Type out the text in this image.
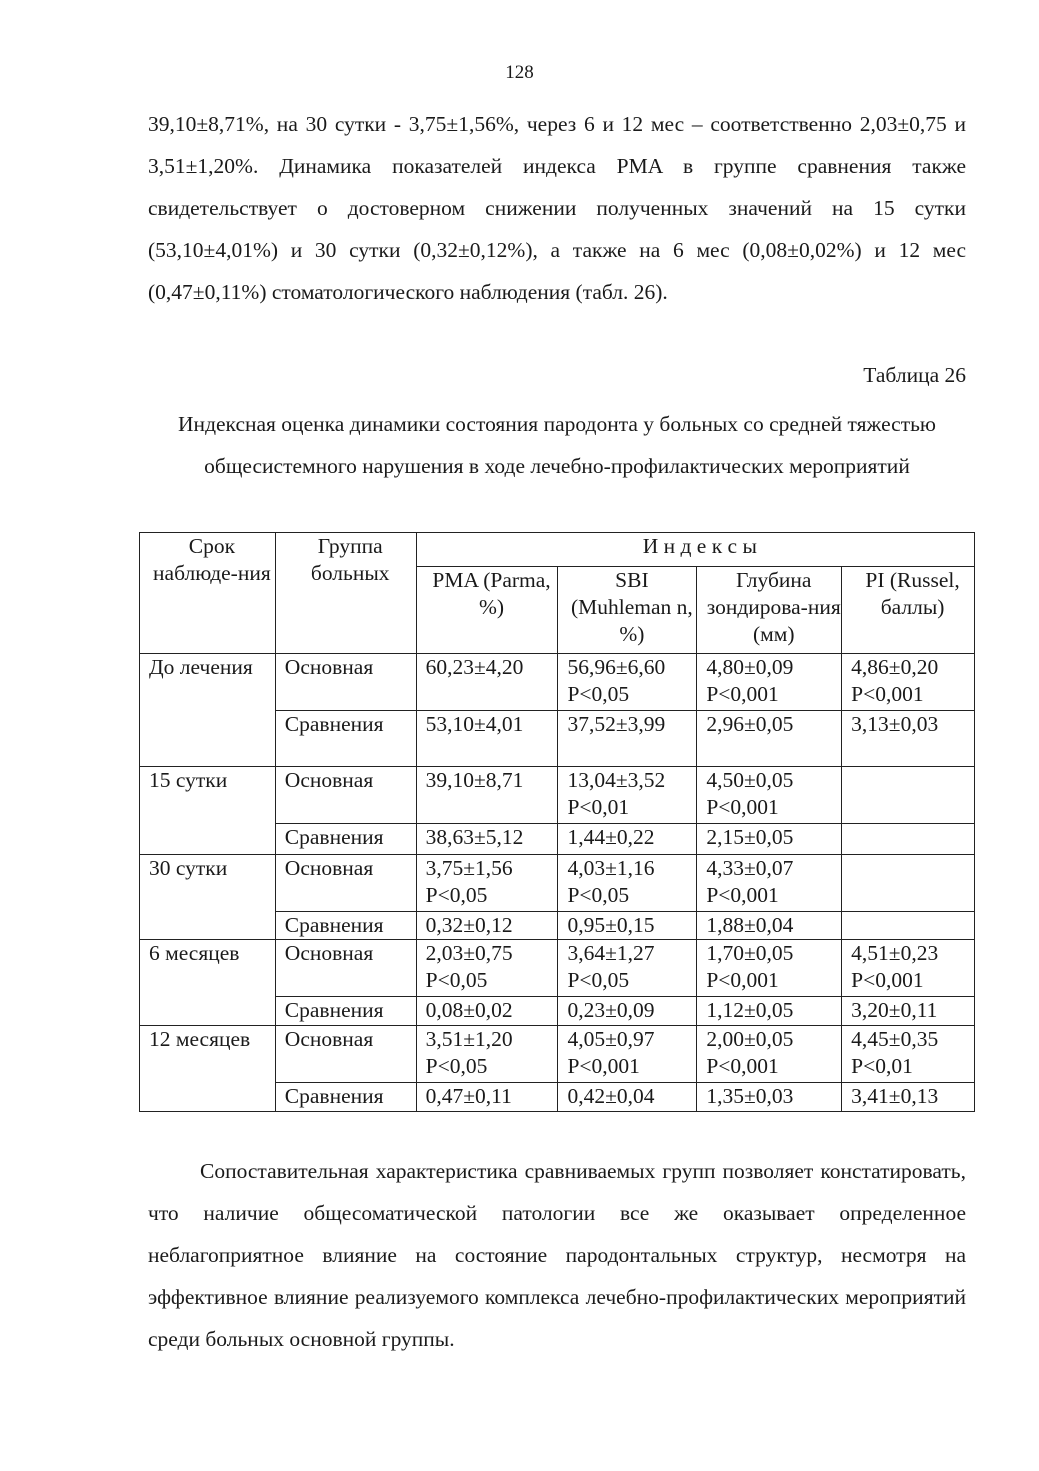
128
39,10±8,71%, на 30 сутки - 3,75±1,56%, через 6 и 12 мес – соответственно 2,03±0,75 и 3,51±1,20%. Динамика показателей индекса PMA в группе сравнения также свидетельствует о достоверном снижении полученных значений на 15 сутки (53,10±4,01%) и 30 сутки (0,32±0,12%), а также на 6 мес (0,08±0,02%) и 12 мес (0,47±0,11%) стоматологического наблюдения (табл. 26).
Таблица 26
Индексная оценка динамики состояния пародонта у больных со средней тяжестью общесистемного нарушения в ходе лечебно-профилактических мероприятий
Срок наблюде-ния	Группа больных	И н д е к с ы			
		PMA (Parma, %)	SBI (Muhleman n, %)	Глубина зондирова-ния (мм)	PI (Russel, баллы)
До лечения	Основная	60,23±4,20	56,96±6,60 P<0,05	4,80±0,09 P<0,001	4,86±0,20 P<0,001
	Сравнения	53,10±4,01	37,52±3,99	2,96±0,05	3,13±0,03
15 сутки	Основная	39,10±8,71	13,04±3,52 P<0,01	4,50±0,05 P<0,001	
	Сравнения	38,63±5,12	1,44±0,22	2,15±0,05	
30 сутки	Основная	3,75±1,56 P<0,05	4,03±1,16 P<0,05	4,33±0,07 P<0,001	
	Сравнения	0,32±0,12	0,95±0,15	1,88±0,04	
6 месяцев	Основная	2,03±0,75 P<0,05	3,64±1,27 P<0,05	1,70±0,05 P<0,001	4,51±0,23 P<0,001
	Сравнения	0,08±0,02	0,23±0,09	1,12±0,05	3,20±0,11
12 месяцев	Основная	3,51±1,20 P<0,05	4,05±0,97 P<0,001	2,00±0,05 P<0,001	4,45±0,35 P<0,01
	Сравнения	0,47±0,11	0,42±0,04	1,35±0,03	3,41±0,13
Сопоставительная характеристика сравниваемых групп позволяет констатировать, что наличие общесоматической патологии все же оказывает определенное неблагоприятное влияние на состояние пародонтальных структур, несмотря на эффективное влияние реализуемого комплекса лечебно-профилактических мероприятий среди больных основной группы.
